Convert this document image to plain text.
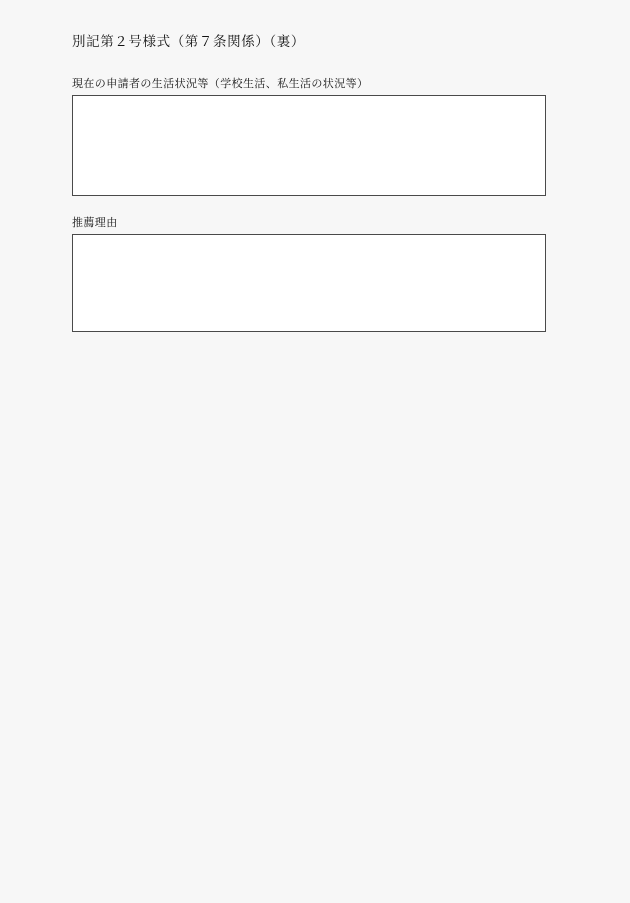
別記第２号様式（第７条関係）（裏）
現在の申請者の生活状況等（学校生活、私生活の状況等）
推薦理由
